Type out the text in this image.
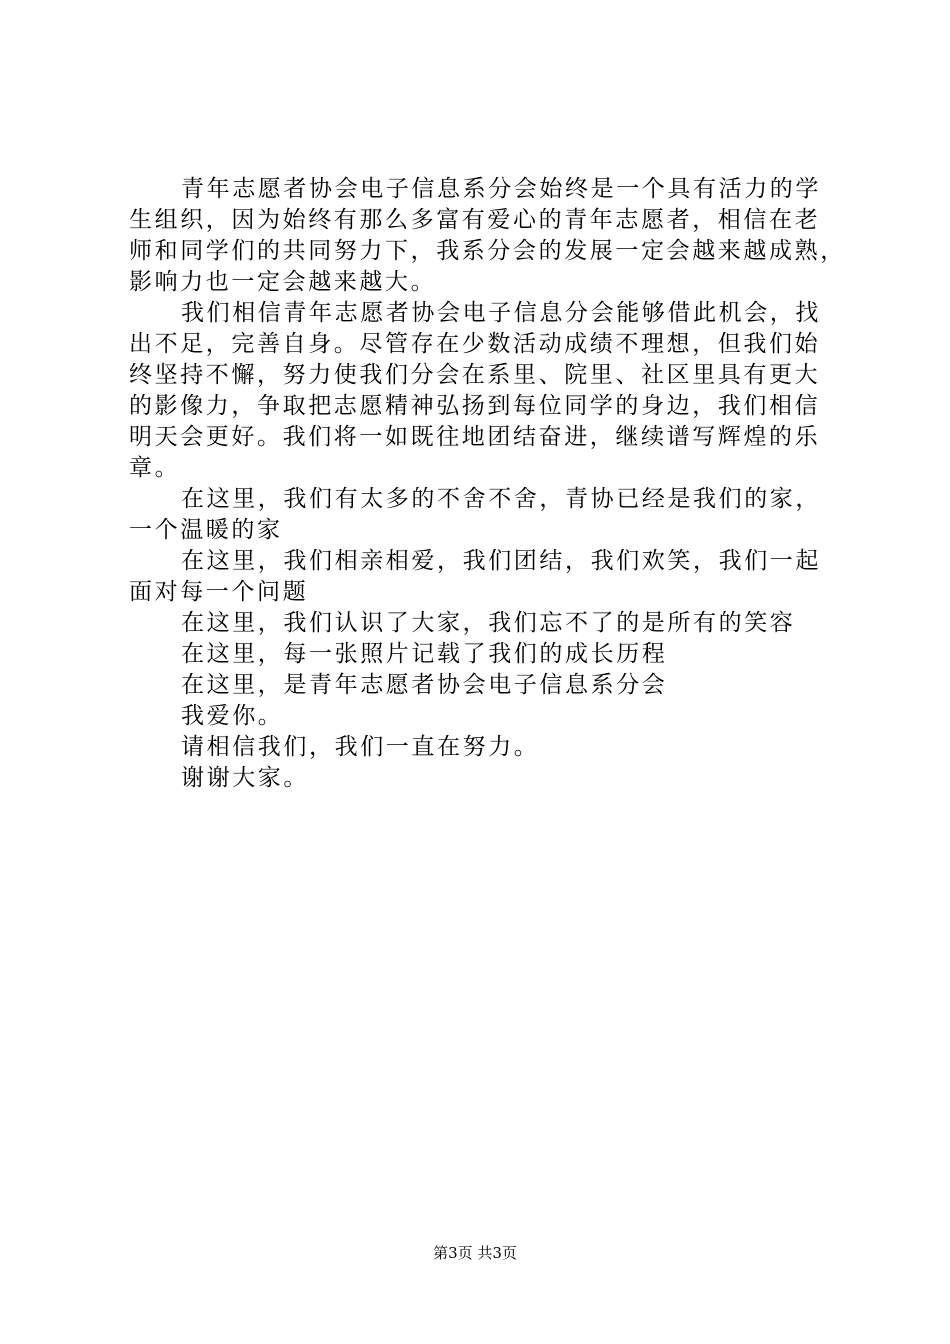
青年志愿者协会电子信息系分会始终是一个具有活力的学
生组织，因为始终有那么多富有爱心的青年志愿者，相信在老
师和同学们的共同努力下，我系分会的发展一定会越来越成熟，
影响力也一定会越来越大。
我们相信青年志愿者协会电子信息分会能够借此机会，找
出不足，完善自身。尽管存在少数活动成绩不理想，但我们始
终坚持不懈，努力使我们分会在系里、院里、社区里具有更大
的影像力，争取把志愿精神弘扬到每位同学的身边，我们相信
明天会更好。我们将一如既往地团结奋进，继续谱写辉煌的乐
章。
在这里，我们有太多的不舍不舍，青协已经是我们的家，
一个温暖的家
在这里，我们相亲相爱，我们团结，我们欢笑，我们一起
面对每一个问题
在这里，我们认识了大家，我们忘不了的是所有的笑容
在这里，每一张照片记载了我们的成长历程
在这里，是青年志愿者协会电子信息系分会
我爱你。
请相信我们，我们一直在努力。
谢谢大家。
第3页 共3页
